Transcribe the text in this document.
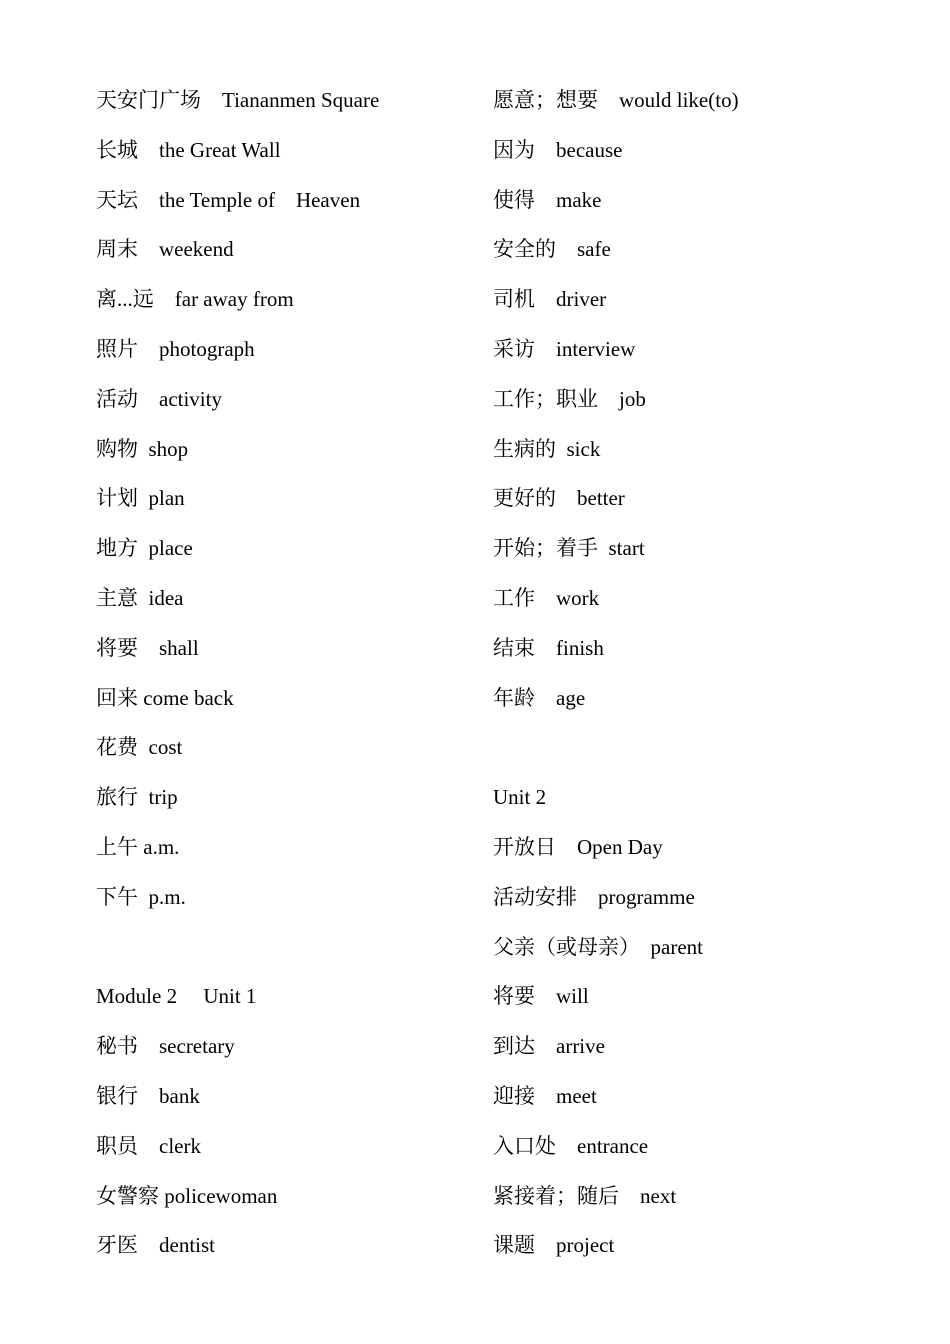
天安门广场　Tiananmen Square
长城　the Great Wall
天坛　the Temple of　Heaven
周末　weekend
离...远　far away from
照片　photograph
活动　activity
购物  shop
计划  plan
地方  place
主意  idea
将要　shall
回来 come back
花费  cost
旅行  trip
上午 a.m.
下午  p.m.
Module 2　 Unit 1
秘书　secretary
银行　bank
职员　clerk
女警察 policewoman
牙医　dentist
愿意；想要　would like(to)
因为　because
使得　make
安全的　safe
司机　driver
采访　interview
工作；职业　job
生病的  sick
更好的　better
开始；着手  start
工作　work
结束　finish
年龄　age
Unit 2
开放日　Open Day
活动安排　programme
父亲（或母亲）　parent
将要　will
到达　arrive
迎接　meet
入口处　entrance
紧接着；随后　next
课题　project
